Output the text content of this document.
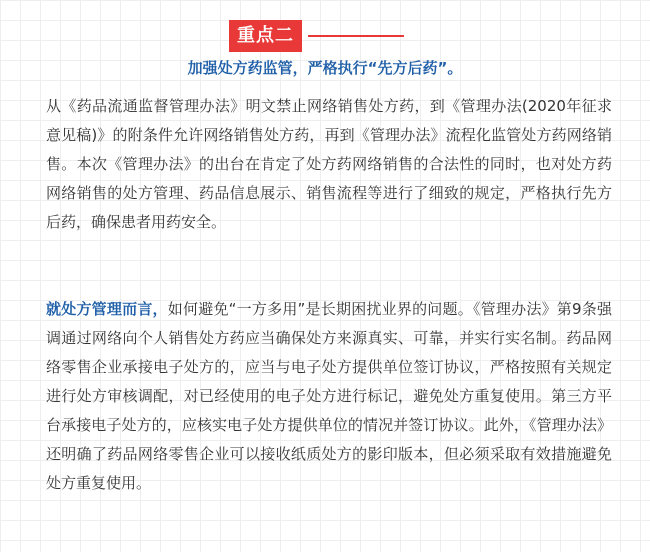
重点二
加强处方药监管，严格执行“先方后药”。

从《药品流通监督管理办法》明文禁止网络销售处方药，到《管理办法(2020年征求意见稿)》的附条件允许网络销售处方药，再到《管理办法》流程化监管处方药网络销售。本次《管理办法》的出台在肯定了处方药网络销售的合法性的同时，也对处方药网络销售的处方管理、药品信息展示、销售流程等进行了细致的规定，严格执行先方后药，确保患者用药安全。

就处方管理而言，如何避免“一方多用”是长期困扰业界的问题。《管理办法》第9条强调通过网络向个人销售处方药应当确保处方来源真实、可靠，并实行实名制。药品网络零售企业承接电子处方的，应当与电子处方提供单位签订协议，严格按照有关规定进行处方审核调配，对已经使用的电子处方进行标记，避免处方重复使用。第三方平台承接电子处方的，应核实电子处方提供单位的情况并签订协议。此外，《管理办法》还明确了药品网络零售企业可以接收纸质处方的影印版本，但必须采取有效措施避免处方重复使用。
